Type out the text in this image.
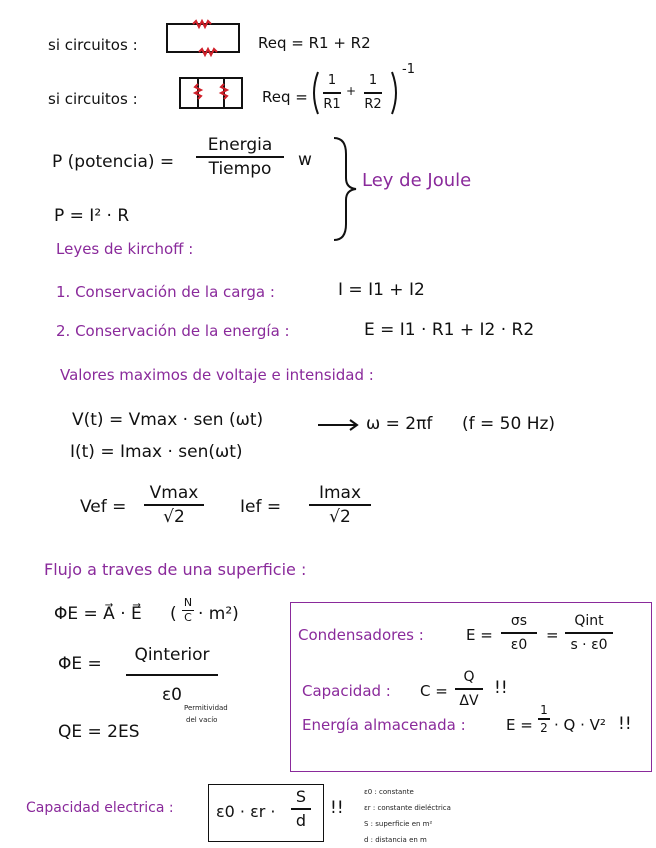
si circuitos :	Req = R1 + R2
si circuitos :	Req =
1
R1
+
1
R2
-1
P (potencia) =
Energia
Tiempo	w
P = I² · R
Ley de Joule
Leyes de kirchoff :
1. Conservación de la carga :	I = I1 + I2
2. Conservación de la energía :	E = I1 · R1 + I2 · R2
Valores maximos de voltaje e intensidad :
V(t) = Vmax · sen (ωt)	ω = 2πf (f = 50 Hz)
I(t) = Imax · sen(ωt)
Vef =
Vmax
√2	Ief =
Imax
√2
Flujo a traves de una superficie :
ΦE = A⃗ · E⃗ (
N
C · m²)
ΦE =	Qinterior
ε0
Permitividad
del vacío
QE = 2ES
Condensadores :	E =
σs
ε0
=
Qint
s · ε0
Capacidad : C =
Q
ΔV
!!
Energía almacenada :	E =
1
2 · Q · V² !!
Capacidad electrica :	ε0 · εr ·
S
d
!!
ε0 : constante
εr : constante dieléctrica
S : superficie en m²
d : distancia en m
